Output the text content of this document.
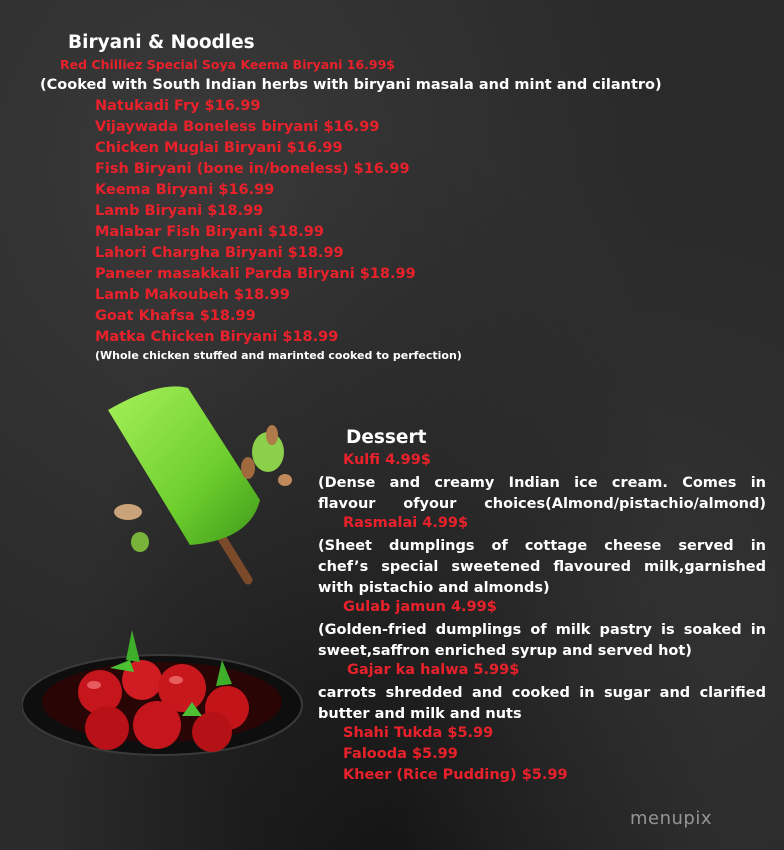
Biryani & Noodles
Red Chilliez Special Soya Keema Biryani 16.99$
(Cooked with South Indian herbs with biryani masala and mint and cilantro)
Natukadi Fry $16.99
Vijaywada Boneless biryani $16.99
Chicken Muglai Biryani $16.99
Fish Biryani (bone in/boneless) $16.99
Keema Biryani $16.99
Lamb Biryani $18.99
Malabar Fish Biryani $18.99
Lahori Chargha Biryani $18.99
Paneer masakkali Parda Biryani $18.99
Lamb Makoubeh $18.99
Goat Khafsa $18.99
Matka Chicken Biryani $18.99
(Whole chicken stuffed and marinted cooked to perfection)
Dessert
Kulfi 4.99$
(Dense and creamy Indian ice cream. Comes in
flavour ofyour choices(Almond/pistachio/almond)
Rasmalai 4.99$
(Sheet dumplings of cottage cheese served in
chef’s special sweetened flavoured milk,garnished
with pistachio and almonds)
Gulab jamun 4.99$
(Golden-fried dumplings of milk pastry is soaked in
sweet,saffron enriched syrup and served hot)
Gajar ka halwa 5.99$
carrots shredded and cooked in sugar and clarified
butter and milk and nuts
Shahi Tukda $5.99
Falooda $5.99
Kheer (Rice Pudding) $5.99
menupix
